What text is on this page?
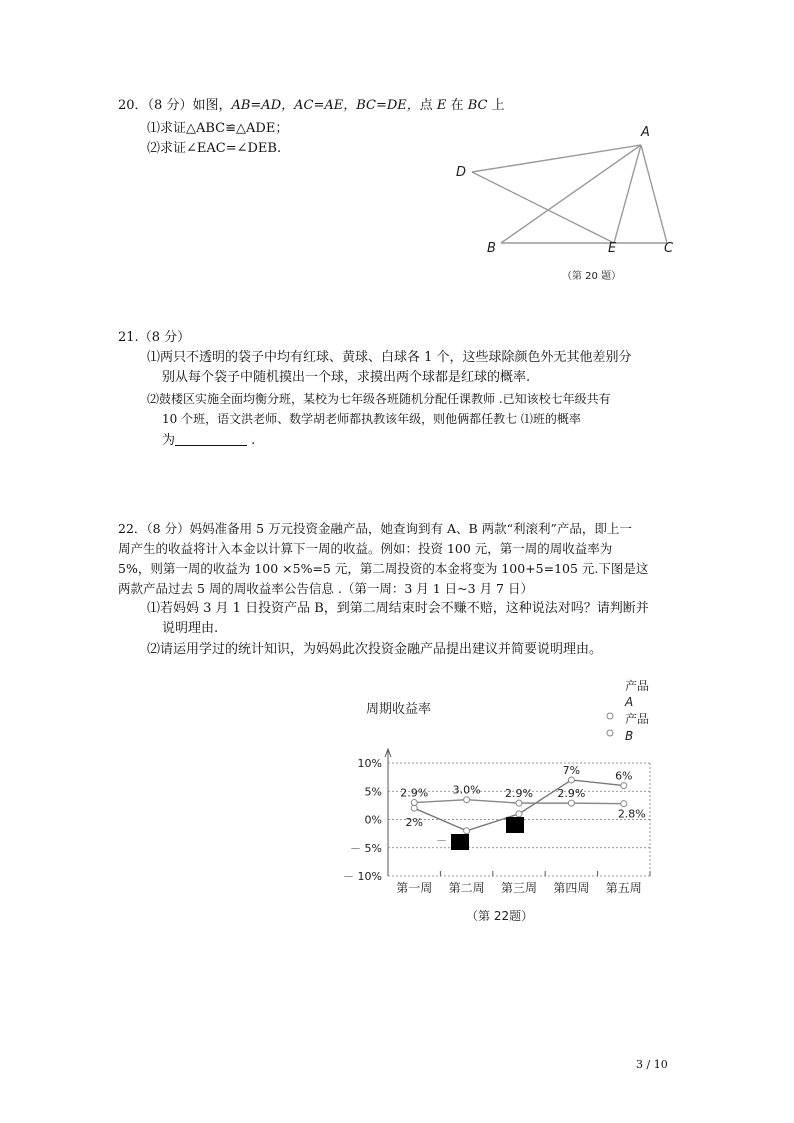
20．（8 分）如图，AB=AD，AC=AE，BC=DE，点 E 在 BC 上
⑴求证△ABC≌△ADE；
⑵求证∠EAC=∠DEB.
A
D
B	E	C
（第 20 题）
21.（8 分）
⑴两只不透明的袋子中均有红球、黄球、白球各 1 个，这些球除颜色外无其他差别分
别从每个袋子中随机摸出一个球，求摸出两个球都是红球的概率.
⑵鼓楼区实施全面均衡分班，某校为七年级各班随机分配任课教师 .已知该校七年级共有
10 个班，语文洪老师、数学胡老师都执教该年级，则他俩都任教七 ⑴班的概率
为	.
22．（8 分）妈妈准备用 5 万元投资金融产品，她查询到有 A、B 两款“利滚利”产品，即上一
周产生的收益将计入本金以计算下一周的收益。例如：投资 100 元，第一周的周收益率为
5%，则第一周的收益为 100 ×5%=5 元，第二周投资的本金将变为 100+5=105 元.下图是这
两款产品过去 5 周的周收益率公告信息 .（第一周：3 月 1 日~3 月 7 日）
⑴若妈妈 3 月 1 日投资产品 B，到第二周结束时会不赚不赔，这种说法对吗？请判断并
说明理由.
⑵请运用学过的统计知识，为妈妈此次投资金融产品提出建议并简要说明理由。
周期收益率
产品
A
产品
B
10%
5%
0%
－ 5%
－ 10%
第一周 第二周 第三周 第四周 第五周
2%
7%	6%
2.9% 3.0% 2.9% 2.9%
2.8%
－
（第 22题）
3 / 10
